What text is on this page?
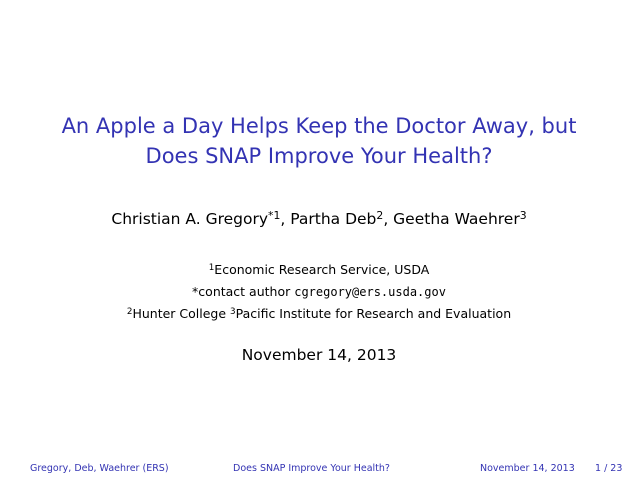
An Apple a Day Helps Keep the Doctor Away, but
Does SNAP Improve Your Health?
Christian A. Gregory$^{*1}$, Partha Deb$^2$, Geetha Waehrer$^3$
$^1$Economic Research Service, USDA
*contact author cgregory@ers.usda.gov
$^2$Hunter College $^3$Pacific Institute for Research and Evaluation
November 14, 2013
Gregory, Deb, Waehrer (ERS)	Does SNAP Improve Your Health?	November 14, 2013 1 / 23
